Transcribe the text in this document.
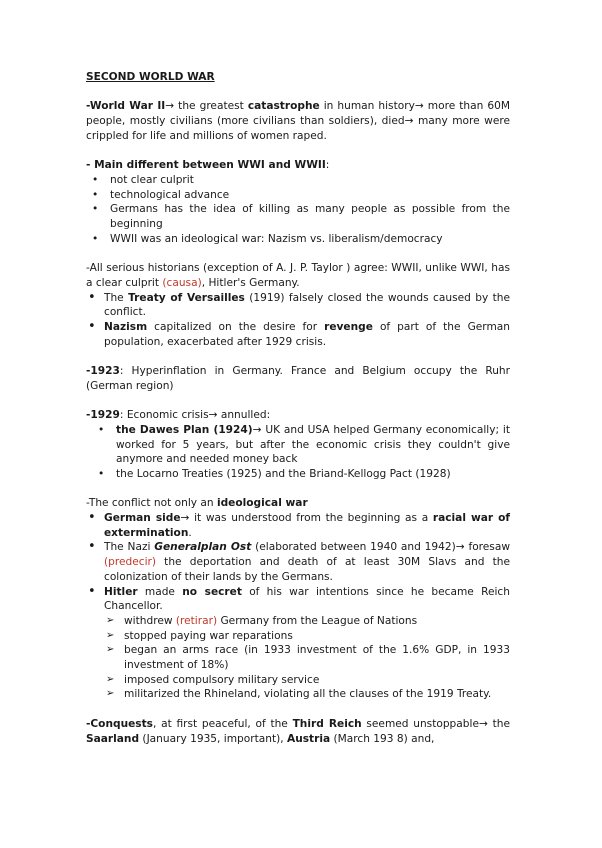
SECOND WORLD WAR

-World War II→ the greatest catastrophe in human history→ more than 60M people, mostly civilians (more civilians than soldiers), died→ many more were crippled for life and millions of women raped.

- Main different between WWI and WWII:

• not clear culprit
• technological advance
• Germans has the idea of killing as many people as possible from the beginning
• WWII was an ideological war: Nazism vs. liberalism/democracy

-All serious historians (exception of A. J. P. Taylor ) agree: WWII, unlike WWI, has a clear culprit (causa), Hitler's Germany.

• The Treaty of Versailles (1919) falsely closed the wounds caused by the conflict.
• Nazism capitalized on the desire for revenge of part of the German population, exacerbated after 1929 crisis.

-1923: Hyperinflation in Germany. France and Belgium occupy the Ruhr (German region)

-1929: Economic crisis→ annulled:

• the Dawes Plan (1924)→ UK and USA helped Germany economically; it worked for 5 years, but after the economic crisis they couldn't give anymore and needed money back
• the Locarno Treaties (1925) and the Briand-Kellogg Pact (1928)

-The conflict not only an ideological war

• German side→ it was understood from the beginning as a racial war of extermination.
• The Nazi Generalplan Ost (elaborated between 1940 and 1942)→ foresaw (predecir) the deportation and death of at least 30M Slavs and the colonization of their lands by the Germans.
• Hitler made no secret of his war intentions since he became Reich Chancellor.
➢ withdrew (retirar) Germany from the League of Nations
➢ stopped paying war reparations
➢ began an arms race (in 1933 investment of the 1.6% GDP, in 1933 investment of 18%)
➢ imposed compulsory military service
➢ militarized the Rhineland, violating all the clauses of the 1919 Treaty.

-Conquests, at first peaceful, of the Third Reich seemed unstoppable→ the Saarland (January 1935, important), Austria (March 193 8) and,
